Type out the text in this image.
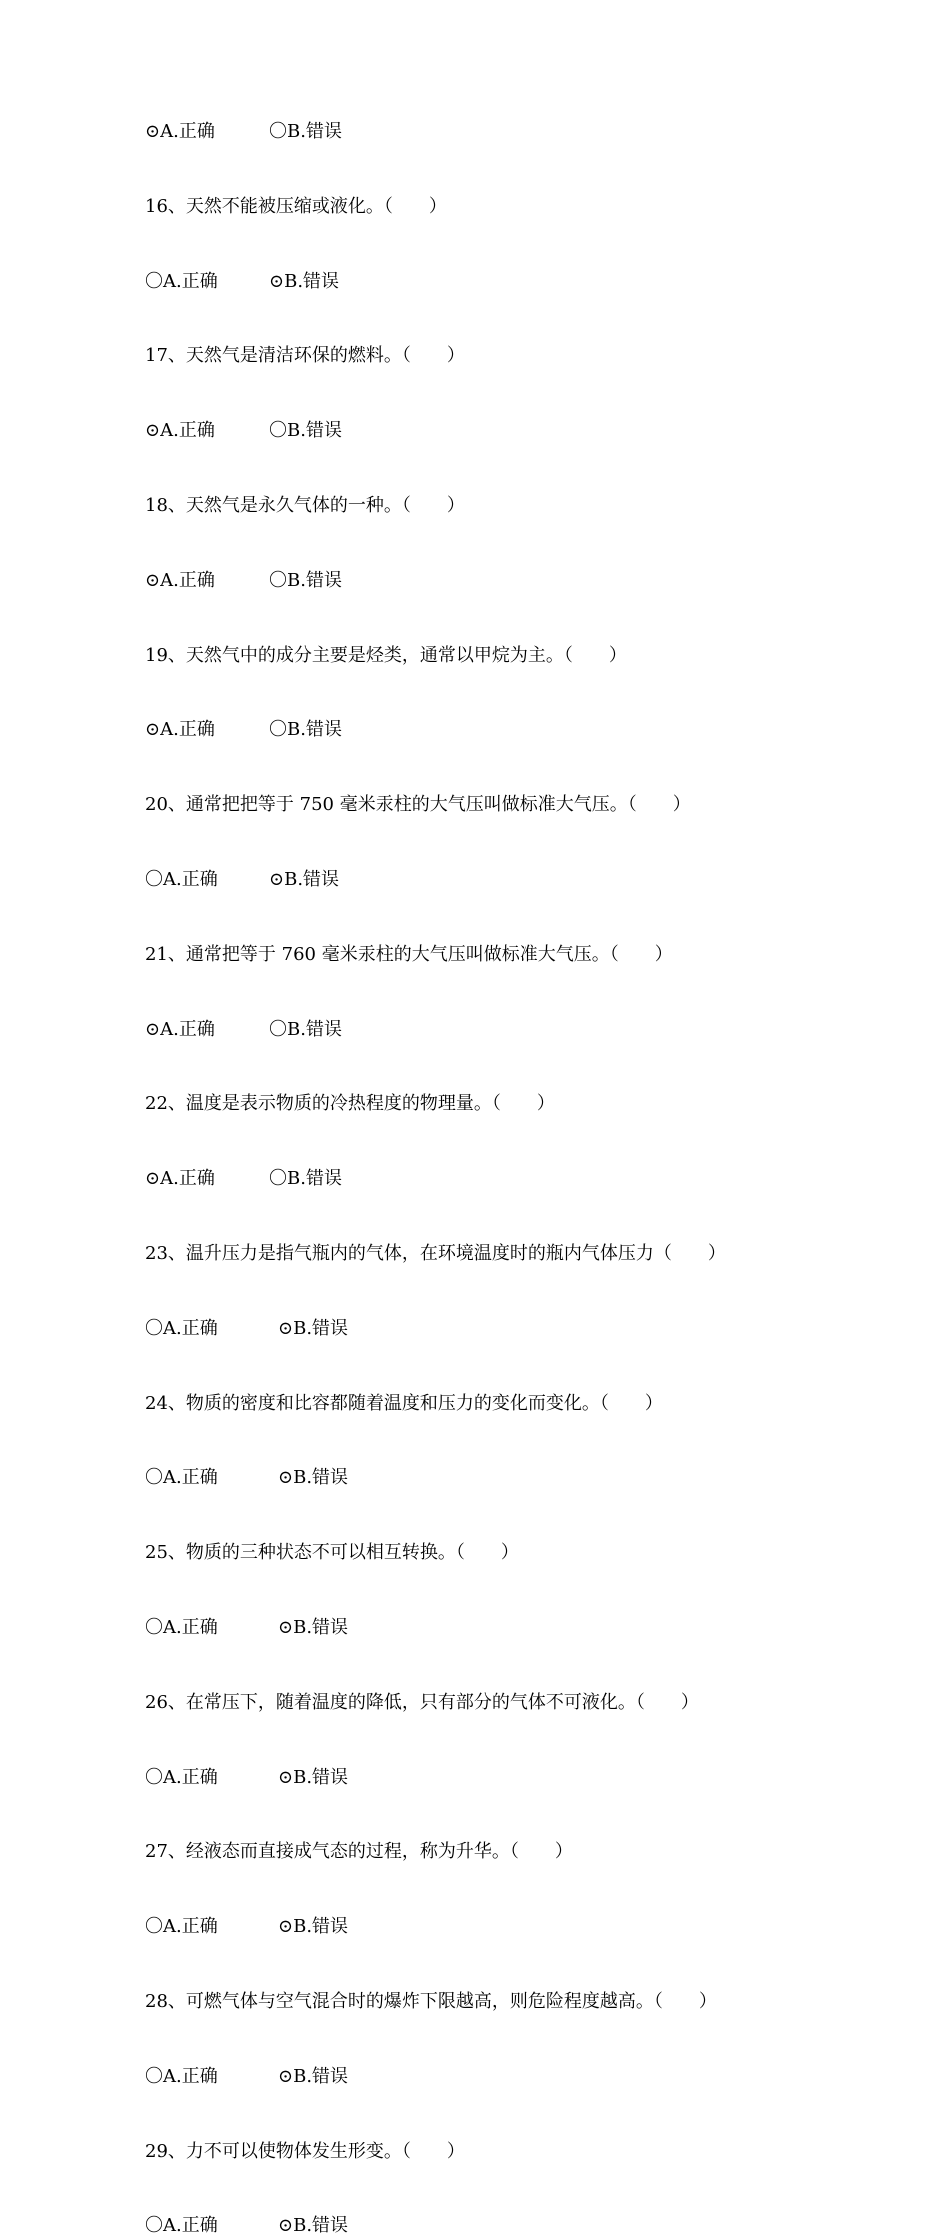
⊙A.正确	〇B.错误
16、天然不能被压缩或液化。（　　）
〇A.正确	⊙B.错误
17、天然气是清洁环保的燃料。（　　）
⊙A.正确	〇B.错误
18、天然气是永久气体的一种。（　　）
⊙A.正确	〇B.错误
19、天然气中的成分主要是烃类，通常以甲烷为主。（　　）
⊙A.正确	〇B.错误
20、通常把把等于 750 毫米汞柱的大气压叫做标准大气压。（　　）
〇A.正确	⊙B.错误
21、通常把等于 760 毫米汞柱的大气压叫做标准大气压。（　　）
⊙A.正确	〇B.错误
22、温度是表示物质的冷热程度的物理量。（　　）
⊙A.正确	〇B.错误
23、温升压力是指气瓶内的气体，在环境温度时的瓶内气体压力（　　）
〇A.正确	⊙B.错误
24、物质的密度和比容都随着温度和压力的变化而变化。（　　）
〇A.正确	⊙B.错误
25、物质的三种状态不可以相互转换。（　　）
〇A.正确	⊙B.错误
26、在常压下，随着温度的降低，只有部分的气体不可液化。（　　）
〇A.正确	⊙B.错误
27、经液态而直接成气态的过程，称为升华。（　　）
〇A.正确	⊙B.错误
28、可燃气体与空气混合时的爆炸下限越高，则危险程度越高。（　　）
〇A.正确	⊙B.错误
29、力不可以使物体发生形变。（　　）
〇A.正确	⊙B.错误
